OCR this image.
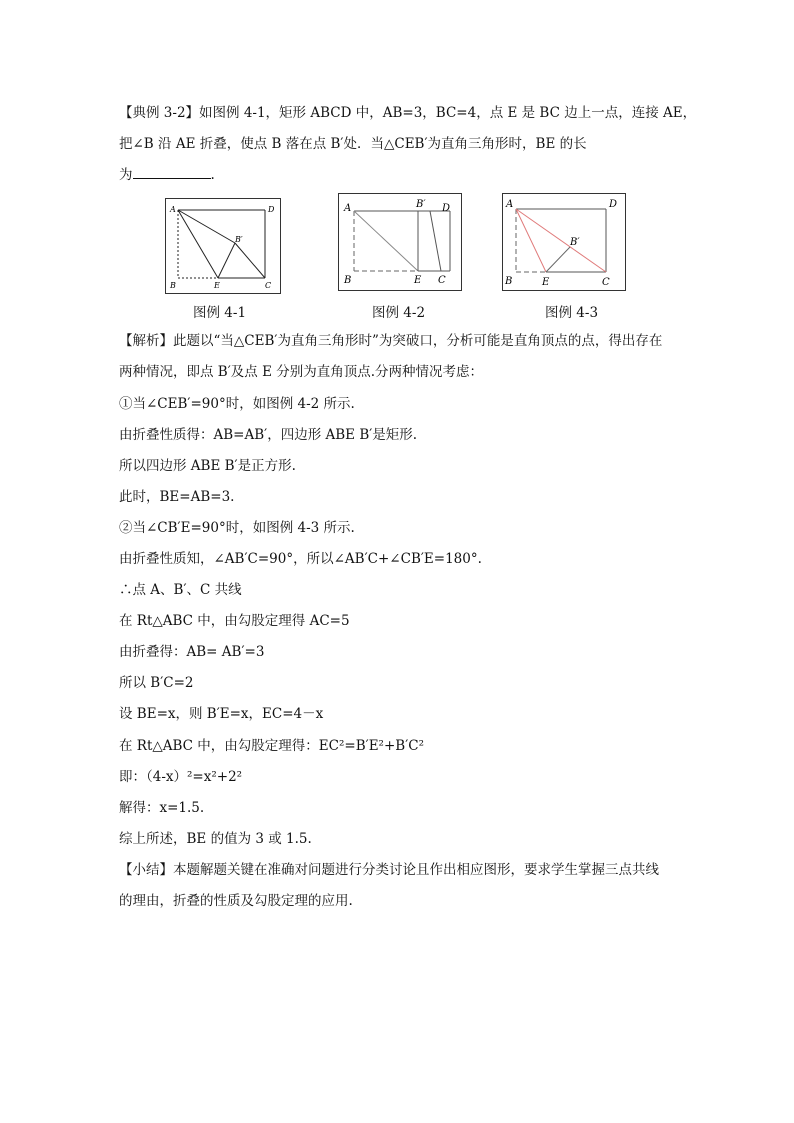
【典例 3-2】如图例 4-1，矩形 ABCD 中，AB=3，BC=4，点 E 是 BC 边上一点，连接 AE，
把∠B 沿 AE 折叠，使点 B 落在点 B′处．当△CEB′为直角三角形时，BE 的长
为	.
A	D
B	C
E
B′
图例 4-1
A	D
B	C
E
B′
图例 4-2
A	D
B	C
E
B′
图例 4-3
【解析】此题以“当△CEB′为直角三角形时”为突破口，分析可能是直角顶点的点，得出存在
两种情况，即点 B′及点 E 分别为直角顶点.分两种情况考虑：
①当∠CEB′=90°时，如图例 4-2 所示.
由折叠性质得：AB=AB′，四边形 ABE B′是矩形.
所以四边形 ABE B′是正方形.
此时，BE=AB=3.
②当∠CB′E=90°时，如图例 4-3 所示.
由折叠性质知，∠AB′C=90°，所以∠AB′C+∠CB′E=180°.
∴点 A、B′、C 共线
在 Rt△ABC 中，由勾股定理得 AC=5
由折叠得：AB= AB′=3
所以 B′C=2
设 BE=x，则 B′E=x，EC=4－x
在 Rt△ABC 中，由勾股定理得：EC²=B′E²+B′C²
即：（4-x）²=x²+2²
解得：x=1.5.
综上所述，BE 的值为 3 或 1.5.
【小结】本题解题关键在准确对问题进行分类讨论且作出相应图形，要求学生掌握三点共线
的理由，折叠的性质及勾股定理的应用.
